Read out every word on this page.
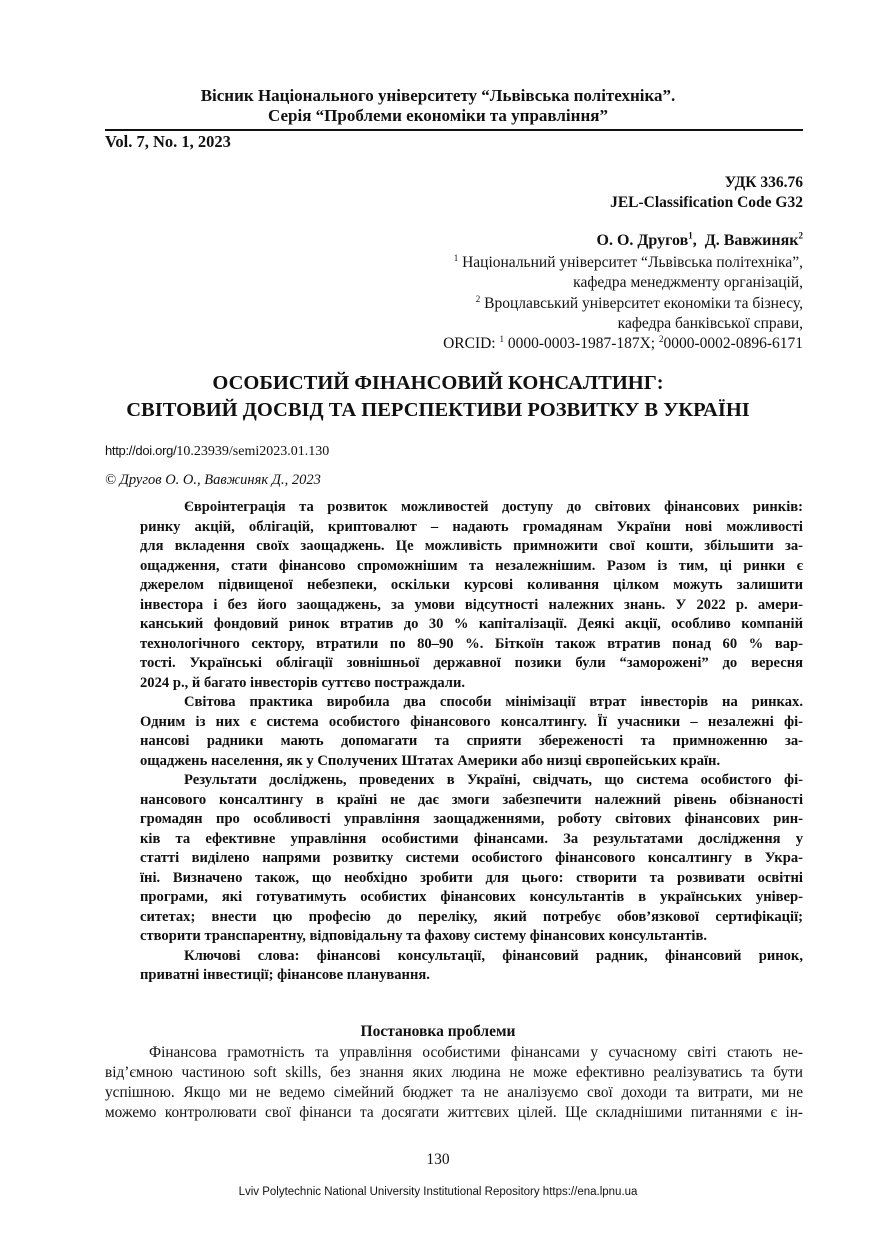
Вісник Національного університету “Львівська політехніка”.
Серія “Проблеми економіки та управління”
Vol. 7, No. 1, 2023
УДК 336.76
JEL-Classification Code G32
О. О. Другов$^1$,  Д. Вавжиняк$^2$
$^1$ Національний університет “Львівська політехніка”,
кафедра менеджменту організацій,
$^2$ Вроцлавський університет економіки та бізнесу,
кафедра банківської справи,
ORCID: $^1$ 0000-0003-1987-187X; $^2$0000-0002-0896-6171
ОСОБИСТИЙ ФІНАНСОВИЙ КОНСАЛТИНГ:
СВІТОВИЙ ДОСВІД ТА ПЕРСПЕКТИВИ РОЗВИТКУ В УКРАЇНІ
http://doi.org/10.23939/semi2023.01.130
© Другов О. О., Вавжиняк Д., 2023
Євроінтеграція та розвиток можливостей доступу до світових фінансових ринків:
ринку акцій, облігацій, криптовалют – надають громадянам України нові можливості
для вкладення своїх заощаджень. Це можливість примножити свої кошти, збільшити за-
ощадження, стати фінансово спроможнішим та незалежнішим. Разом із тим, ці ринки є
джерелом підвищеної небезпеки, оскільки курсові коливання цілком можуть залишити
інвестора і без його заощаджень, за умови відсутності належних знань. У 2022 р. амери-
канський фондовий ринок втратив до 30 % капіталізації. Деякі акції, особливо компаній
технологічного сектору, втратили по 80–90 %. Біткоїн також втратив понад 60 % вар-
тості. Українські облігації зовнішньої державної позики були “заморожені” до вересня
2024 р., й багато інвесторів суттєво постраждали.
Світова практика виробила два способи мінімізації втрат інвесторів на ринках.
Одним із них є система особистого фінансового консалтингу. Її учасники – незалежні фі-
нансові радники мають допомагати та сприяти збереженості та примноженню за-
ощаджень населення, як у Сполучених Штатах Америки або низці європейських країн.
Результати досліджень, проведених в Україні, свідчать, що система особистого фі-
нансового консалтингу в країні не дає змоги забезпечити належний рівень обізнаності
громадян про особливості управління заощадженнями, роботу світових фінансових рин-
ків та ефективне управління особистими фінансами. За результатами дослідження у
статті виділено напрями розвитку системи особистого фінансового консалтингу в Укра-
їні. Визначено також, що необхідно зробити для цього: створити та розвивати освітні
програми, які готуватимуть особистих фінансових консультантів в українських універ-
ситетах; внести цю професію до переліку, який потребує обов’язкової сертифікації;
створити транспарентну, відповідальну та фахову систему фінансових консультантів.
Ключові слова: фінансові консультації, фінансовий радник, фінансовий ринок,
приватні інвестиції; фінансове планування.
Постановка проблеми
Фінансова грамотність та управління особистими фінансами у сучасному світі стають не-
від’ємною частиною soft skills, без знання яких людина не може ефективно реалізуватись та бути
успішною. Якщо ми не ведемо сімейний бюджет та не аналізуємо свої доходи та витрати, ми не
можемо контролювати свої фінанси та досягати життєвих цілей. Ще складнішими питаннями є ін-
130
Lviv Polytechnic National University Institutional Repository https://ena.lpnu.ua
